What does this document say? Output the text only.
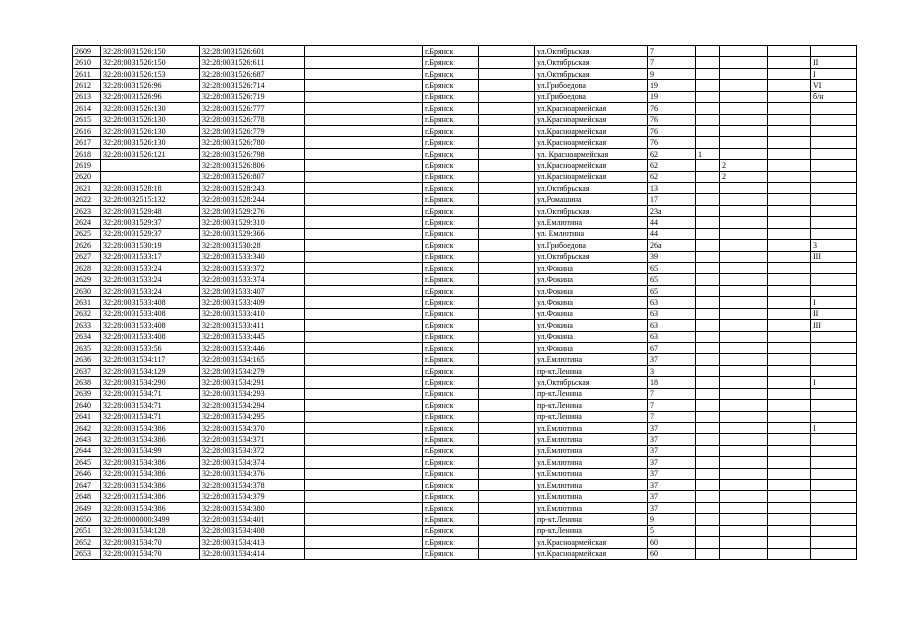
2609	32:28:0031526:150	32:28:0031526:601		г.Брянск		ул.Октябрьская	7				
2610	32:28:0031526:150	32:28:0031526:611		г.Брянск		ул.Октябрьская	7				II
2611	32:28:0031526:153	32:28:0031526:687		г.Брянск		ул.Октябрьская	9				I
2612	32:28:0031526:96	32:28:0031526:714		г.Брянск		ул.Грибоедова	19				VI
2613	32:28:0031526:96	32:28:0031526:719		г.Брянск		ул.Грибоедова	19				б/н
2614	32:28:0031526:130	32:28:0031526:777		г.Брянск		ул.Красноармейская	76				
2615	32:28:0031526:130	32:28:0031526:778		г.Брянск		ул.Красноармейская	76				
2616	32:28:0031526:130	32:28:0031526:779		г.Брянск		ул.Красноармейская	76				
2617	32:28:0031526:130	32:28:0031526:780		г.Брянск		ул.Красноармейская	76				
2618	32:28:0031526:121	32:28:0031526:798		г.Брянск		ул. Красноармейская	62	1			
2619		32:28:0031526:806		г.Брянск		ул.Красноармейская	62		2		
2620		32:28:0031526:807		г.Брянск		ул.Красноармейская	62		2		
2621	32:28:0031528:18	32:28:0031528:243		г.Брянск		ул.Октябрьская	13				
2622	32:28:0032515:132	32:28:0031528:244		г.Брянск		ул.Ромашина	17				
2623	32:28:0031529:48	32:28:0031529:276		г.Брянск		ул.Октябрьская	23а				
2624	32:28:0031529:37	32:28:0031529:310		г.Брянск		ул.Емлютина	44				
2625	32:28:0031529:37	32:28:0031529:366		г.Брянск		ул. Емлютина	44				
2626	32:28:0031530:19	32:28:0031530:28		г.Брянск		ул.Грибоедова	26а				3
2627	32:28:0031533:17	32:28:0031533:340		г.Брянск		ул.Октябрьская	39				III
2628	32:28:0031533:24	32:28:0031533:372		г.Брянск		ул.Фокина	65				
2629	32:28:0031533:24	32:28:0031533:374		г.Брянск		ул.Фокина	65				
2630	32:28:0031533:24	32:28:0031533:407		г.Брянск		ул.Фокина	65				
2631	32:28:0031533:408	32:28:0031533:409		г.Брянск		ул.Фокина	63				I
2632	32:28:0031533:408	32:28:0031533:410		г.Брянск		ул.Фокина	63				II
2633	32:28:0031533:408	32:28:0031533:411		г.Брянск		ул.Фокина	63				III
2634	32:28:0031533:408	32:28:0031533:445		г.Брянск		ул.Фокина	63				
2635	32:28:0031533:56	32:28:0031533:446		г.Брянск		ул.Фокина	67				
2636	32:28:0031534:117	32:28:0031534:165		г.Брянск		ул.Емлютина	37				
2637	32:28:0031534:129	32:28:0031534:279		г.Брянск		пр-кт.Ленина	3				
2638	32:28:0031534:290	32:28:0031534:291		г.Брянск		ул.Октябрьская	18				I
2639	32:28:0031534:71	32:28:0031534:293		г.Брянск		пр-кт.Ленина	7				
2640	32:28:0031534:71	32:28:0031534:294		г.Брянск		пр-кт.Ленина	7				
2641	32:28:0031534:71	32:28:0031534:295		г.Брянск		пр-кт.Ленина	7				
2642	32:28:0031534:386	32:28:0031534:370		г.Брянск		ул.Емлютина	37				I
2643	32:28:0031534:386	32:28:0031534:371		г.Брянск		ул.Емлютина	37				
2644	32:28:0031534:99	32:28:0031534:372		г.Брянск		ул.Емлютина	37				
2645	32:28:0031534:386	32:28:0031534:374		г.Брянск		ул.Емлютина	37				
2646	32:28:0031534:386	32:28:0031534:376		г.Брянск		ул.Емлютина	37				
2647	32:28:0031534:386	32:28:0031534:378		г.Брянск		ул.Емлютина	37				
2648	32:28:0031534:386	32:28:0031534:379		г.Брянск		ул.Емлютина	37				
2649	32:28:0031534:386	32:28:0031534:380		г.Брянск		ул.Емлютина	37				
2650	32:28:0000000:3499	32:28:0031534:401		г.Брянск		пр-кт.Ленина	9				
2651	32:28:0031534:128	32:28:0031534:408		г.Брянск		пр-кт.Ленина	5				
2652	32:28:0031534:70	32:28:0031534:413		г.Брянск		ул.Красноармейская	60				
2653	32:28:0031534:70	32:28:0031534:414		г.Брянск		ул.Красноармейская	60				
